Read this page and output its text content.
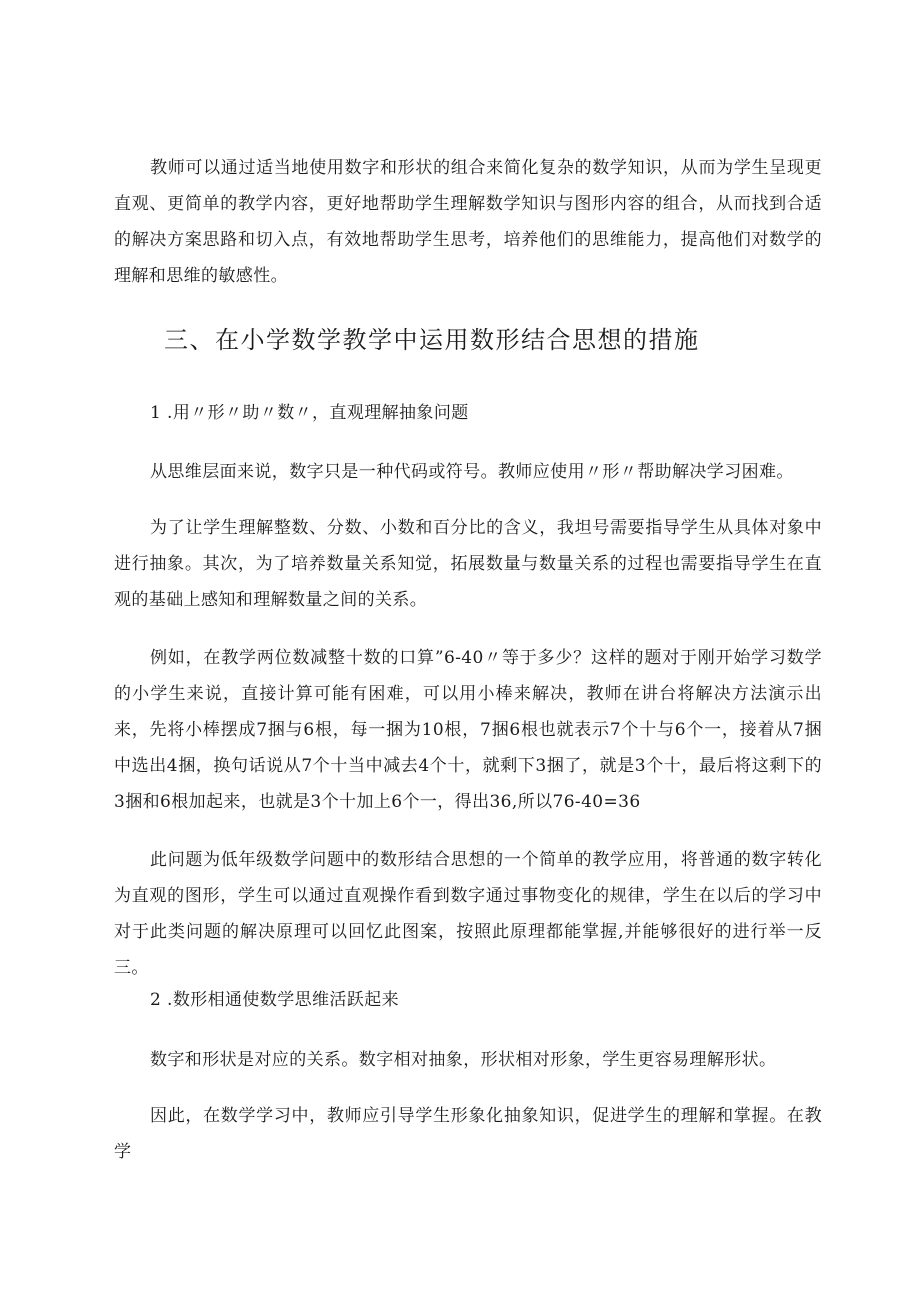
教师可以通过适当地使用数字和形状的组合来简化复杂的数学知识，从而为学生呈现更直观、更简单的教学内容，更好地帮助学生理解数学知识与图形内容的组合，从而找到合适的解决方案思路和切入点，有效地帮助学生思考，培养他们的思维能力，提高他们对数学的理解和思维的敏感性。

三、在小学数学教学中运用数形结合思想的措施
1 .用〃形〃助〃数〃，直观理解抽象问题

从思维层面来说，数字只是一种代码或符号。教师应使用〃形〃帮助解决学习困难。

为了让学生理解整数、分数、小数和百分比的含义，我坦号需要指导学生从具体对象中进行抽象。其次，为了培养数量关系知觉，拓展数量与数量关系的过程也需要指导学生在直观的基础上感知和理解数量之间的关系。

例如，在教学两位数减整十数的口算”6-40〃等于多少？这样的题对于刚开始学习数学的小学生来说，直接计算可能有困难，可以用小棒来解决，教师在讲台将解决方法演示出来，先将小棒摆成7捆与6根，每一捆为10根，7捆6根也就表示7个十与6个一，接着从7捆中选出4捆，换句话说从7个十当中减去4个十，就剩下3捆了，就是3个十，最后将这剩下的3捆和6根加起来，也就是3个十加上6个一，得出36,所以76-40=36

此问题为低年级数学问题中的数形结合思想的一个简单的教学应用，将普通的数字转化为直观的图形，学生可以通过直观操作看到数字通过事物变化的规律，学生在以后的学习中对于此类问题的解决原理可以回忆此图案，按照此原理都能掌握,并能够很好的进行举一反三。

2 .数形相通使数学思维活跃起来

数字和形状是对应的关系。数字相对抽象，形状相对形象，学生更容易理解形状。

因此，在数学学习中，教师应引导学生形象化抽象知识，促进学生的理解和掌握。在教学
